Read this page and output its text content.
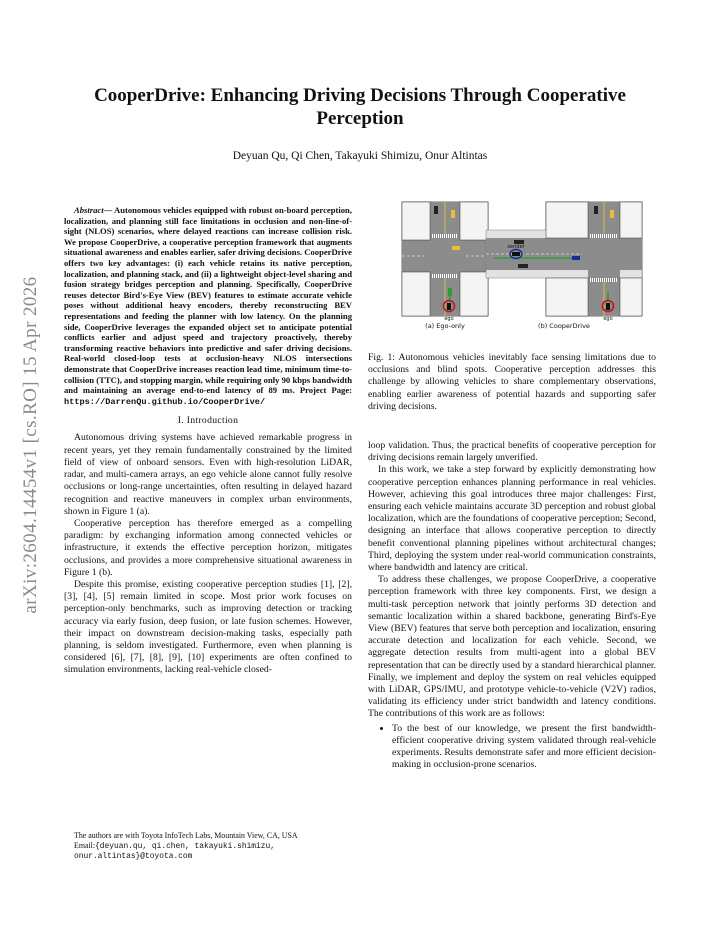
arXiv:2604.14454v1 [cs.RO] 15 Apr 2026
CooperDrive: Enhancing Driving Decisions Through Cooperative Perception
Deyuan Qu, Qi Chen, Takayuki Shimizu, Onur Altintas

Abstract— Autonomous vehicles equipped with robust on-board perception, localization, and planning still face limitations in occlusion and non-line-of-sight (NLOS) scenarios, where delayed reactions can increase collision risk. We propose CooperDrive, a cooperative perception framework that augments situational awareness and enables earlier, safer driving decisions. CooperDrive offers two key advantages: (i) each vehicle retains its native perception, localization, and planning stack, and (ii) a lightweight object-level sharing and fusion strategy bridges perception and planning. Specifically, CooperDrive reuses detector Bird's-Eye View (BEV) features to estimate accurate vehicle poses without additional heavy encoders, thereby reconstructing BEV representations and feeding the planner with low latency. On the planning side, CooperDrive leverages the expanded object set to anticipate potential conflicts earlier and adjust speed and trajectory proactively, thereby transforming reactive behaviors into predictive and safer driving decisions. Real-world closed-loop tests at occlusion-heavy NLOS intersections demonstrate that CooperDrive increases reaction lead time, minimum time-to-collision (TTC), and stopping margin, while requiring only 90 kbps bandwidth and maintaining an average end-to-end latency of 89 ms. Project Page: https://DarrenQu.github.io/CooperDrive/

I. Introduction

Autonomous driving systems have achieved remarkable progress in recent years, yet they remain fundamentally constrained by the limited field of view of onboard sensors. Even with high-resolution LiDAR, radar, and multi-camera arrays, an ego vehicle alone cannot fully resolve occlusions or long-range uncertainties, often resulting in delayed hazard recognition and reactive maneuvers in complex urban environments, shown in Figure 1 (a).

Cooperative perception has therefore emerged as a compelling paradigm: by exchanging information among connected vehicles or infrastructure, it extends the effective perception horizon, mitigates occlusions, and provides a more comprehensive situational awareness in Figure 1 (b).

Despite this promise, existing cooperative perception studies [1], [2], [3], [4], [5] remain limited in scope. Most prior work focuses on perception-only benchmarks, such as improving detection or tracking accuracy via early fusion, deep fusion, or late fusion schemes. However, their impact on downstream decision-making tasks, especially path planning, is seldom investigated. Furthermore, even when planning is considered [6], [7], [8], [9], [10] experiments are often confined to simulation environments, lacking real-vehicle closed-

The authors are with Toyota InfoTech Labs, Mountain View, CA, USA
Email:{deyuan.qu, qi.chen, takayuki.shimizu, onur.altintas}@toyota.com
ego
sender
ego
(a) Ego-only	(b) CooperDrive
Fig. 1: Autonomous vehicles inevitably face sensing limitations due to occlusions and blind spots. Cooperative perception addresses this challenge by allowing vehicles to share complementary observations, enabling earlier awareness of potential hazards and supporting safer driving decisions.

loop validation. Thus, the practical benefits of cooperative perception for driving decisions remain largely unverified.

In this work, we take a step forward by explicitly demonstrating how cooperative perception enhances planning performance in real vehicles. However, achieving this goal introduces three major challenges: First, ensuring each vehicle maintains accurate 3D perception and robust global localization, which are the foundations of cooperative perception; Second, designing an interface that allows cooperative perception to directly benefit conventional planning pipelines without architectural changes; Third, deploying the system under real-world communication constraints, where bandwidth and latency are critical.

To address these challenges, we propose CooperDrive, a cooperative perception framework with three key components. First, we design a multi-task perception network that jointly performs 3D detection and semantic localization within a shared backbone, generating Bird's-Eye View (BEV) features that serve both perception and localization, ensuring accurate detection and localization for each vehicle. Second, we aggregate detection results from multi-agent into a global BEV representation that can be directly used by a standard hierarchical planner. Finally, we implement and deploy the system on real vehicles equipped with LiDAR, GPS/IMU, and prototype vehicle-to-vehicle (V2V) radios, validating its efficiency under strict bandwidth and latency conditions. The contributions of this work are as follows:

• To the best of our knowledge, we present the first bandwidth-efficient cooperative driving system validated through real-vehicle experiments. Results demonstrate safer and more efficient decision-making in occlusion-prone scenarios.
